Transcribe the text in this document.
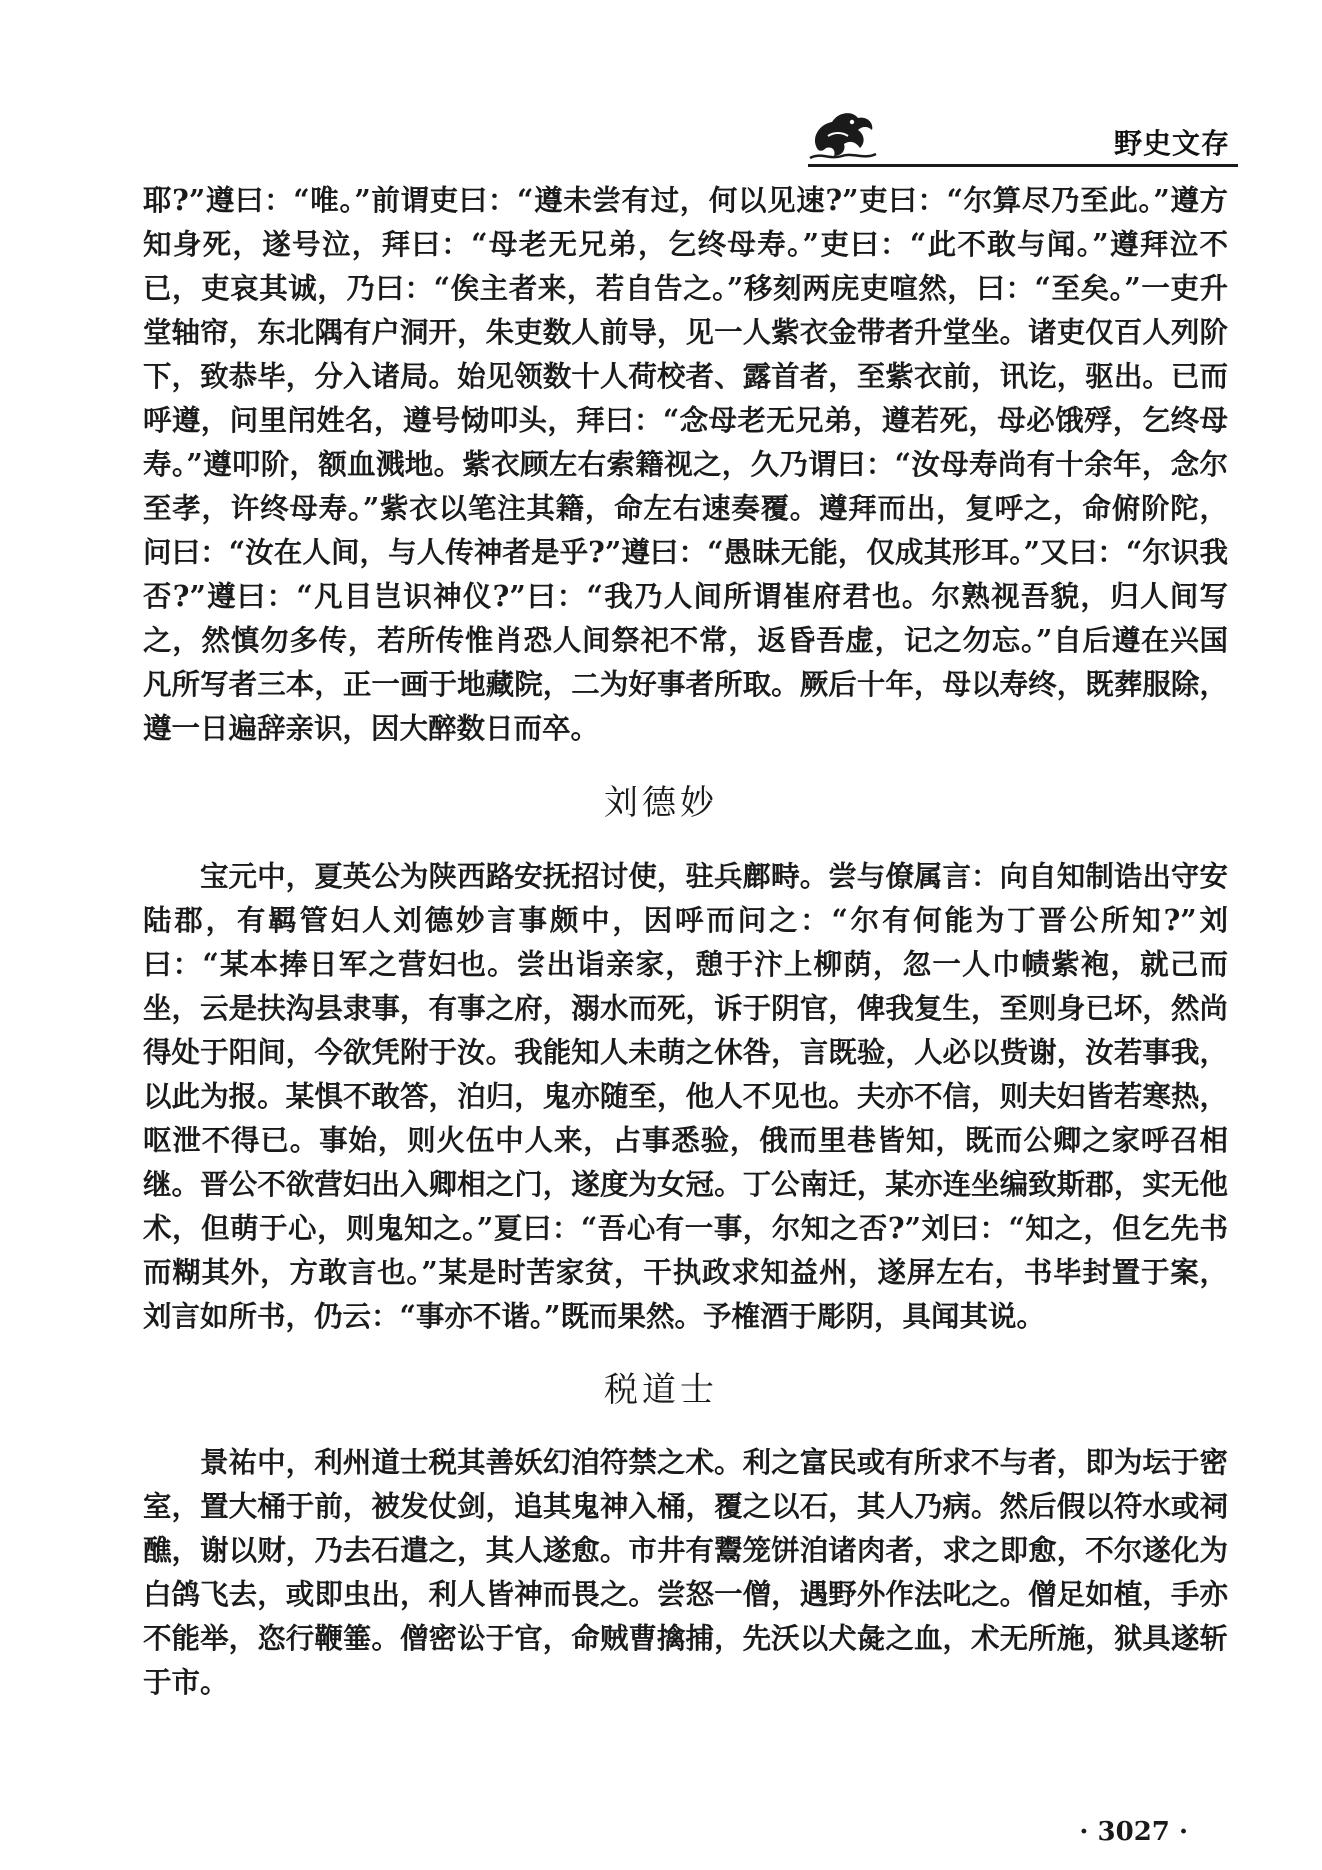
野史文存

耶?”遵曰：“唯。”前谓吏曰：“遵未尝有过，何以见速?”吏曰：“尔算尽乃至此。”遵方知身死，遂号泣，拜曰：“母老无兄弟，乞终母寿。”吏曰：“此不敢与闻。”遵拜泣不已，吏哀其诚，乃曰：“俟主者来，若自告之。”移刻两庑吏喧然，曰：“至矣。”一吏升堂轴帘，东北隅有户洞开，朱吏数人前导，见一人紫衣金带者升堂坐。诸吏仅百人列阶下，致恭毕，分入诸局。始见领数十人荷校者、露首者，至紫衣前，讯讫，驱出。已而呼遵，问里闬姓名，遵号恸叩头，拜曰：“念母老无兄弟，遵若死，母必饿殍，乞终母寿。”遵叩阶，额血溅地。紫衣顾左右索籍视之，久乃谓曰：“汝母寿尚有十余年，念尔至孝，许终母寿。”紫衣以笔注其籍，命左右速奏覆。遵拜而出，复呼之，命俯阶陀，问曰：“汝在人间，与人传神者是乎?”遵曰：“愚昧无能，仅成其形耳。”又曰：“尔识我否?”遵曰：“凡目岂识神仪?”曰：“我乃人间所谓崔府君也。尔熟视吾貌，归人间写之，然慎勿多传，若所传惟肖恐人间祭祀不常，返昏吾虚，记之勿忘。”自后遵在兴国凡所写者三本，正一画于地藏院，二为好事者所取。厥后十年，母以寿终，既葬服除，遵一日遍辞亲识，因大醉数日而卒。

刘德妙

宝元中，夏英公为陕西路安抚招讨使，驻兵鄜畤。尝与僚属言：向自知制诰出守安陆郡，有羁管妇人刘德妙言事颇中，因呼而问之：“尔有何能为丁晋公所知?”刘曰：“某本捧日军之营妇也。尝出诣亲家，憩于汴上柳荫，忽一人巾帻紫袍，就己而坐，云是扶沟县隶事，有事之府，溺水而死，诉于阴官，俾我复生，至则身已坏，然尚得处于阳间，今欲凭附于汝。我能知人未萌之休咎，言既验，人必以赀谢，汝若事我，以此为报。某惧不敢答，泊归，鬼亦随至，他人不见也。夫亦不信，则夫妇皆若寒热，呕泄不得已。事始，则火伍中人来，占事悉验，俄而里巷皆知，既而公卿之家呼召相继。晋公不欲营妇出入卿相之门，遂度为女冠。丁公南迁，某亦连坐编致斯郡，实无他术，但萌于心，则鬼知之。”夏曰：“吾心有一事，尔知之否?”刘曰：“知之，但乞先书而糊其外，方敢言也。”某是时苦家贫，干执政求知益州，遂屏左右，书毕封置于案，刘言如所书，仍云：“事亦不谐。”既而果然。予榷酒于彫阴，具闻其说。

税道士

景祐中，利州道士税其善妖幻洎符禁之术。利之富民或有所求不与者，即为坛于密室，置大桶于前，被发仗剑，追其鬼神入桶，覆之以石，其人乃病。然后假以符水或祠醮，谢以财，乃去石遣之，其人遂愈。市井有鬻笼饼洎诸肉者，求之即愈，不尔遂化为白鸽飞去，或即虫出，利人皆神而畏之。尝怒一僧，遇野外作法叱之。僧足如植，手亦不能举，恣行鞭箠。僧密讼于官，命贼曹擒捕，先沃以犬彘之血，术无所施，狱具遂斩于市。

· 3027 ·
